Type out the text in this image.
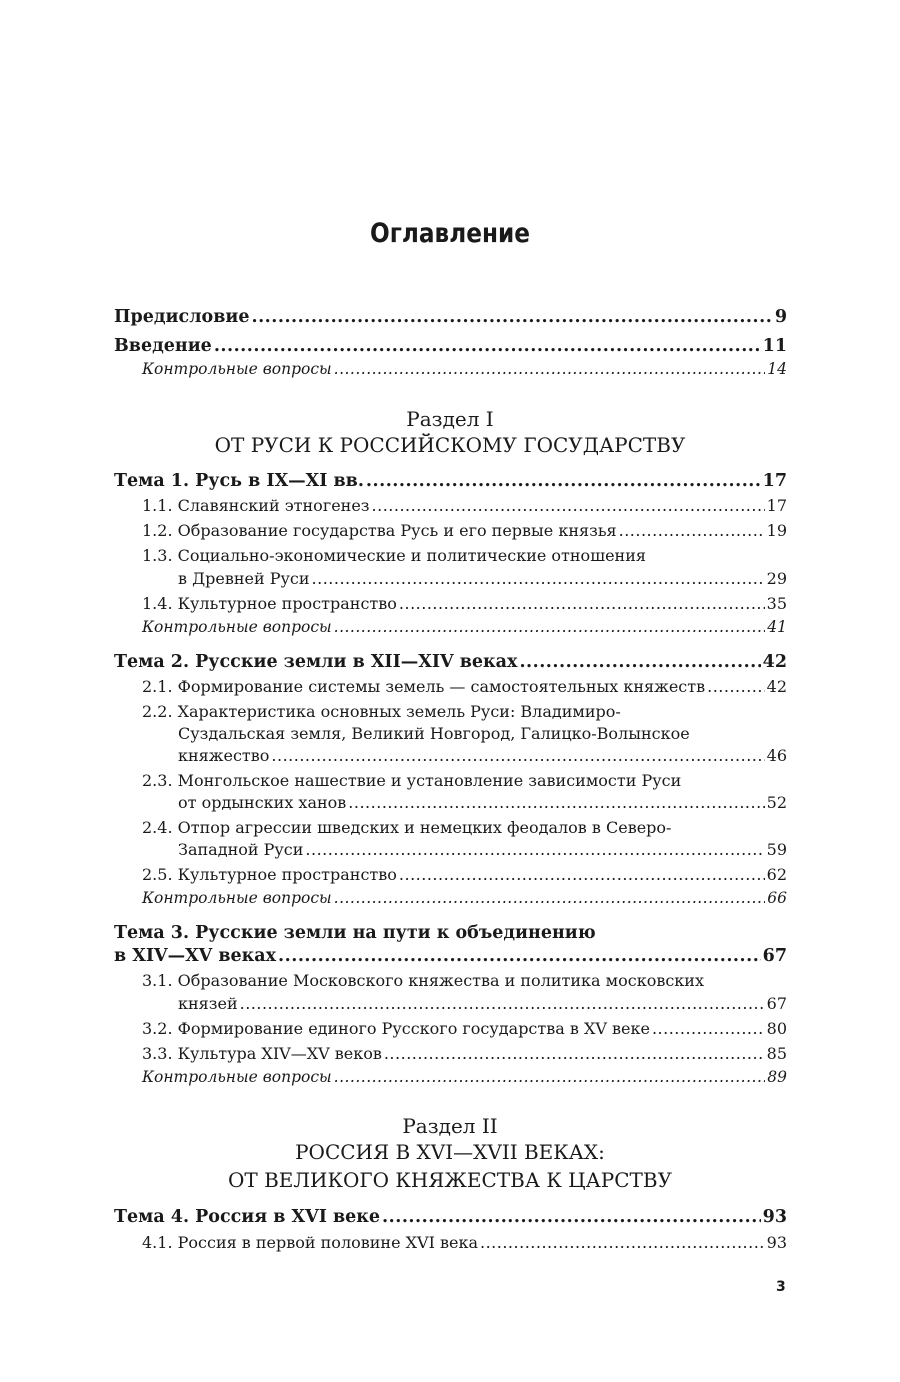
Оглавление
Предисловие .....	9
Введение .....	11
Контрольные вопросы .....	14
Раздел I
ОТ РУСИ К РОССИЙСКОМУ ГОСУДАРСТВУ
Тема 1. Русь в IX—XI вв. .....	17
1.1. Славянский этногенез .....	17
1.2. Образование государства Русь и его первые князья .....	19
1.3. Социально-экономические и политические отношения
в Древней Руси .....	29
1.4. Культурное пространство .....	35
Контрольные вопросы .....	41
Тема 2. Русские земли в XII—XIV веках .....	42
2.1. Формирование системы земель — самостоятельных княжеств .....	42
2.2. Характеристика основных земель Руси: Владимиро-
Суздальская земля, Великий Новгород, Галицко-Волынское
княжество .....	46
2.3. Монгольское нашествие и установление зависимости Руси
от ордынских ханов .....	52
2.4. Отпор агрессии шведских и немецких феодалов в Северо-
Западной Руси .....	59
2.5. Культурное пространство .....	62
Контрольные вопросы .....	66
Тема 3. Русские земли на пути к объединению
в XIV—XV веках .....	67
3.1. Образование Московского княжества и политика московских
князей .....	67
3.2. Формирование единого Русского государства в XV веке .....	80
3.3. Культура XIV—XV веков .....	85
Контрольные вопросы .....	89
Раздел II
РОССИЯ В XVI—XVII ВЕКАХ:
ОТ ВЕЛИКОГО КНЯЖЕСТВА К ЦАРСТВУ
Тема 4. Россия в XVI веке .....	93
4.1. Россия в первой половине XVI века .....	93
3
